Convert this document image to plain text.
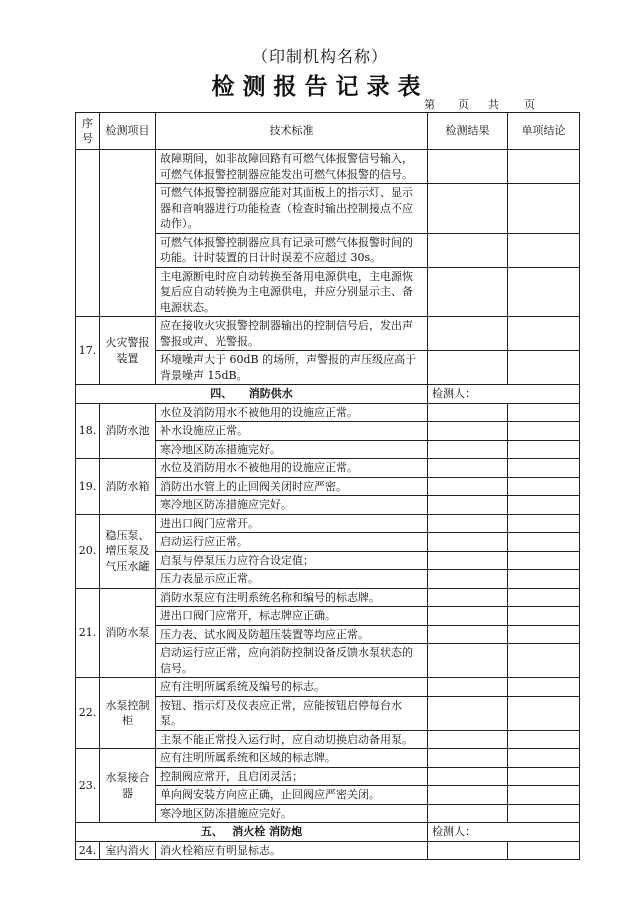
（印制机构名称）
检测报告记录表
第 页 共 页
序
号	检测项目	技术标准	检测结果	单项结论
		故障期间，如非故障回路有可燃气体报警信号输入，可燃气体报警控制器应能发出可燃气体报警的信号。		
		可燃气体报警控制器应能对其面板上的指示灯、显示器和音响器进行功能检查（检查时输出控制接点不应动作）。		
		可燃气体报警控制器应具有记录可燃气体报警时间的功能。计时装置的日计时误差不应超过 30s。		
		主电源断电时应自动转换至备用电源供电，主电源恢复后应自动转换为主电源供电，并应分别显示主、备电源状态。		
17.	火灾警报装置	应在接收火灾报警控制器输出的控制信号后，发出声警报或声、光警报。		
		环境噪声大于 60dB 的场所，声警报的声压级应高于背景噪声 15dB。		
四、　　消防供水			检测人：	
18.	消防水池	水位及消防用水不被他用的设施应正常。		
		补水设施应正常。		
		寒冷地区防冻措施完好。		
19.	消防水箱	水位及消防用水不被他用的设施应正常。		
		消防出水管上的止回阀关闭时应严密。		
		寒冷地区防冻措施应完好。		
20.	稳压泵、增压泵及气压水罐	进出口阀门应常开。		
		启动运行应正常。		
		启泵与停泵压力应符合设定值；		
		压力表显示应正常。		
21.	消防水泵	消防水泵应有注明系统名称和编号的标志牌。		
		进出口阀门应常开，标志牌应正确。		
		压力表、试水阀及防超压装置等均应正常。		
		启动运行应正常，应向消防控制设备反馈水泵状态的信号。		
22.	水泵控制柜	应有注明所属系统及编号的标志。		
		按钮、指示灯及仪表应正常，应能按钮启停每台水泵。		
		主泵不能正常投入运行时，应自动切换启动备用泵。		
23.	水泵接合器	应有注明所属系统和区域的标志牌。		
		控制阀应常开，且启闭灵活；		
		单向阀安装方向应正确，止回阀应严密关闭。		
		寒冷地区防冻措施应完好。		
五、　 消火栓 消防炮			检测人：	
24.	室内消火	消火栓箱应有明显标志。		
